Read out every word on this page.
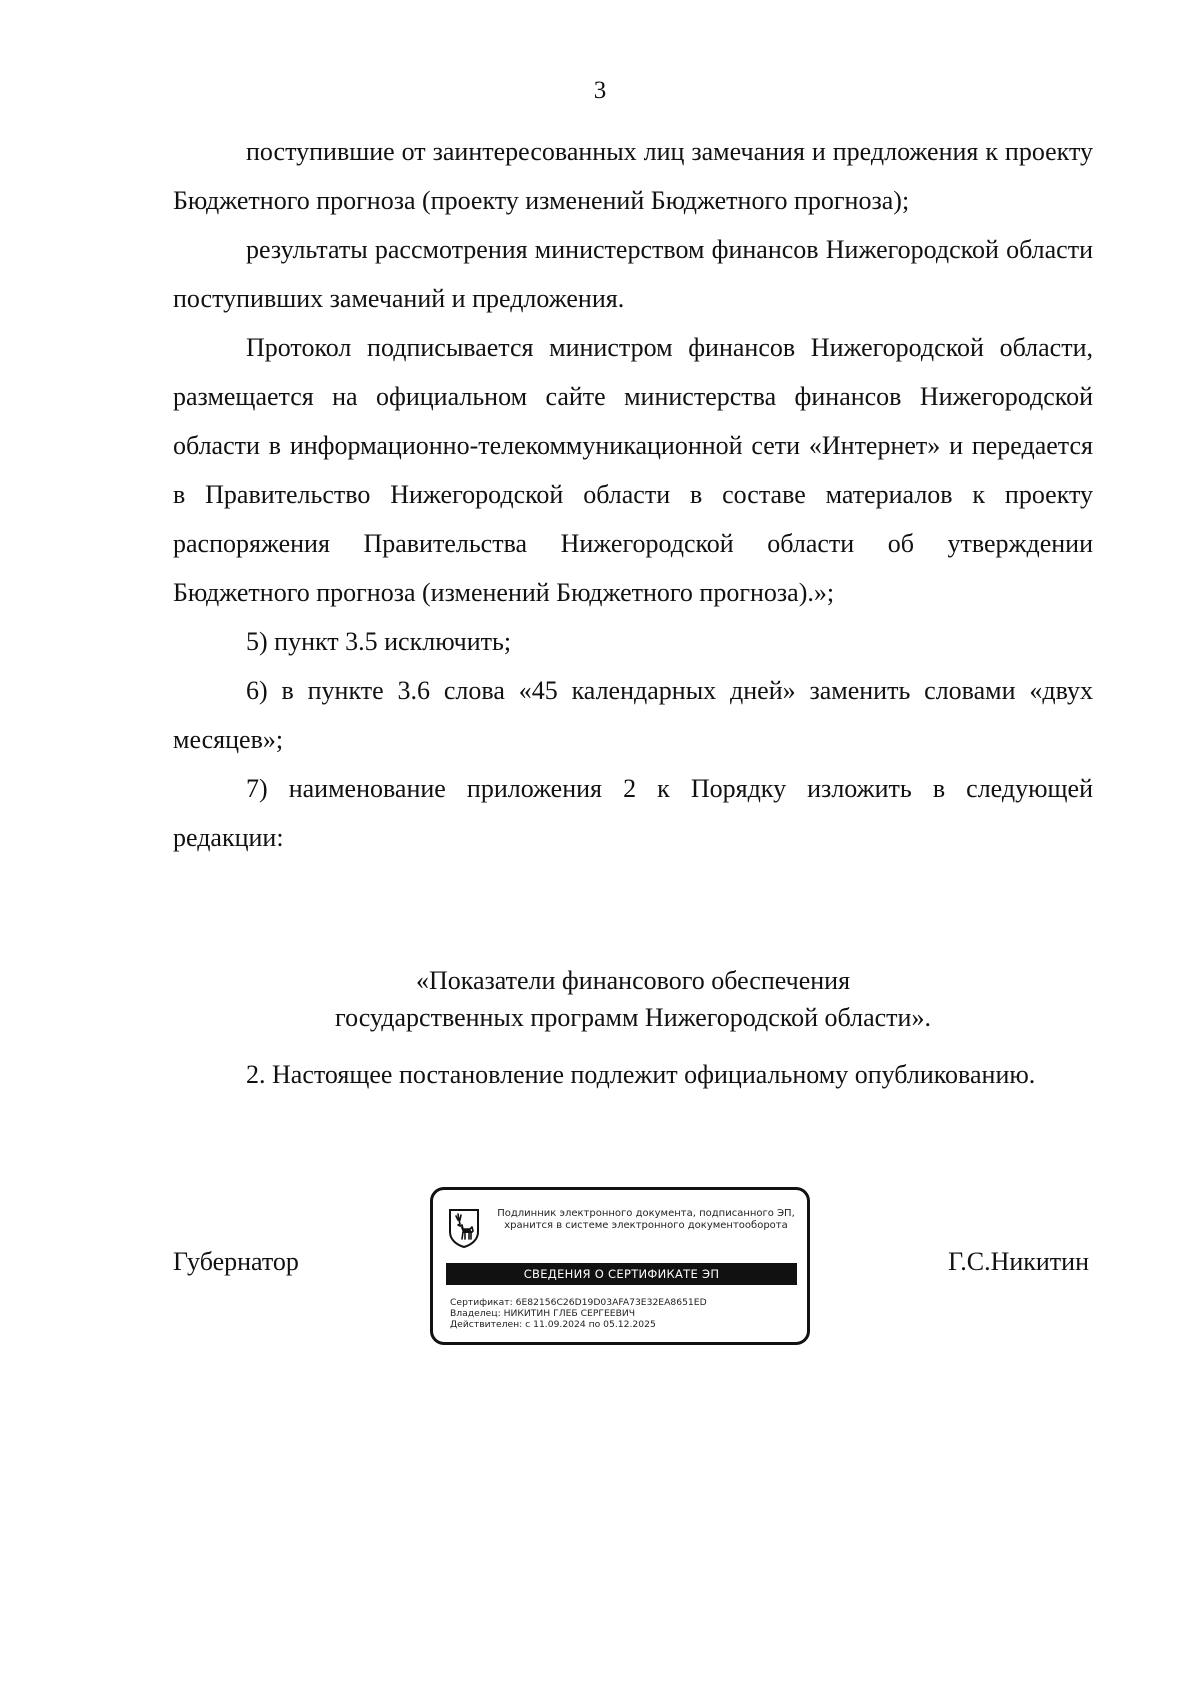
3

поступившие от заинтересованных лиц замечания и предложения к проекту Бюджетного прогноза (проекту изменений Бюджетного прогноза);

результаты рассмотрения министерством финансов Нижегородской области поступивших замечаний и предложения.

Протокол подписывается министром финансов Нижегородской области, размещается на официальном сайте министерства финансов Нижегородской области в информационно-телекоммуникационной сети «Интернет» и передается в Правительство Нижегородской области в составе материалов к проекту распоряжения Правительства Нижегородской области об утверждении Бюджетного прогноза (изменений Бюджетного прогноза).»;

5) пункт 3.5 исключить;

6) в пункте 3.6 слова «45 календарных дней» заменить словами «двух месяцев»;

7) наименование приложения 2 к Порядку изложить в следующей редакции:

«Показатели финансового обеспечения
государственных программ Нижегородской области».

2. Настоящее постановление подлежит официальному опубликованию.

Губернатор
Подлинник электронного документа, подписанного ЭП,
хранится в системе электронного документооборота
СВЕДЕНИЯ О СЕРТИФИКАТЕ ЭП
Сертификат: 6E82156C26D19D03AFA73E32EA8651ED
Владелец: НИКИТИН ГЛЕБ СЕРГЕЕВИЧ
Действителен: с 11.09.2024 по 05.12.2025
Г.С.Никитин
